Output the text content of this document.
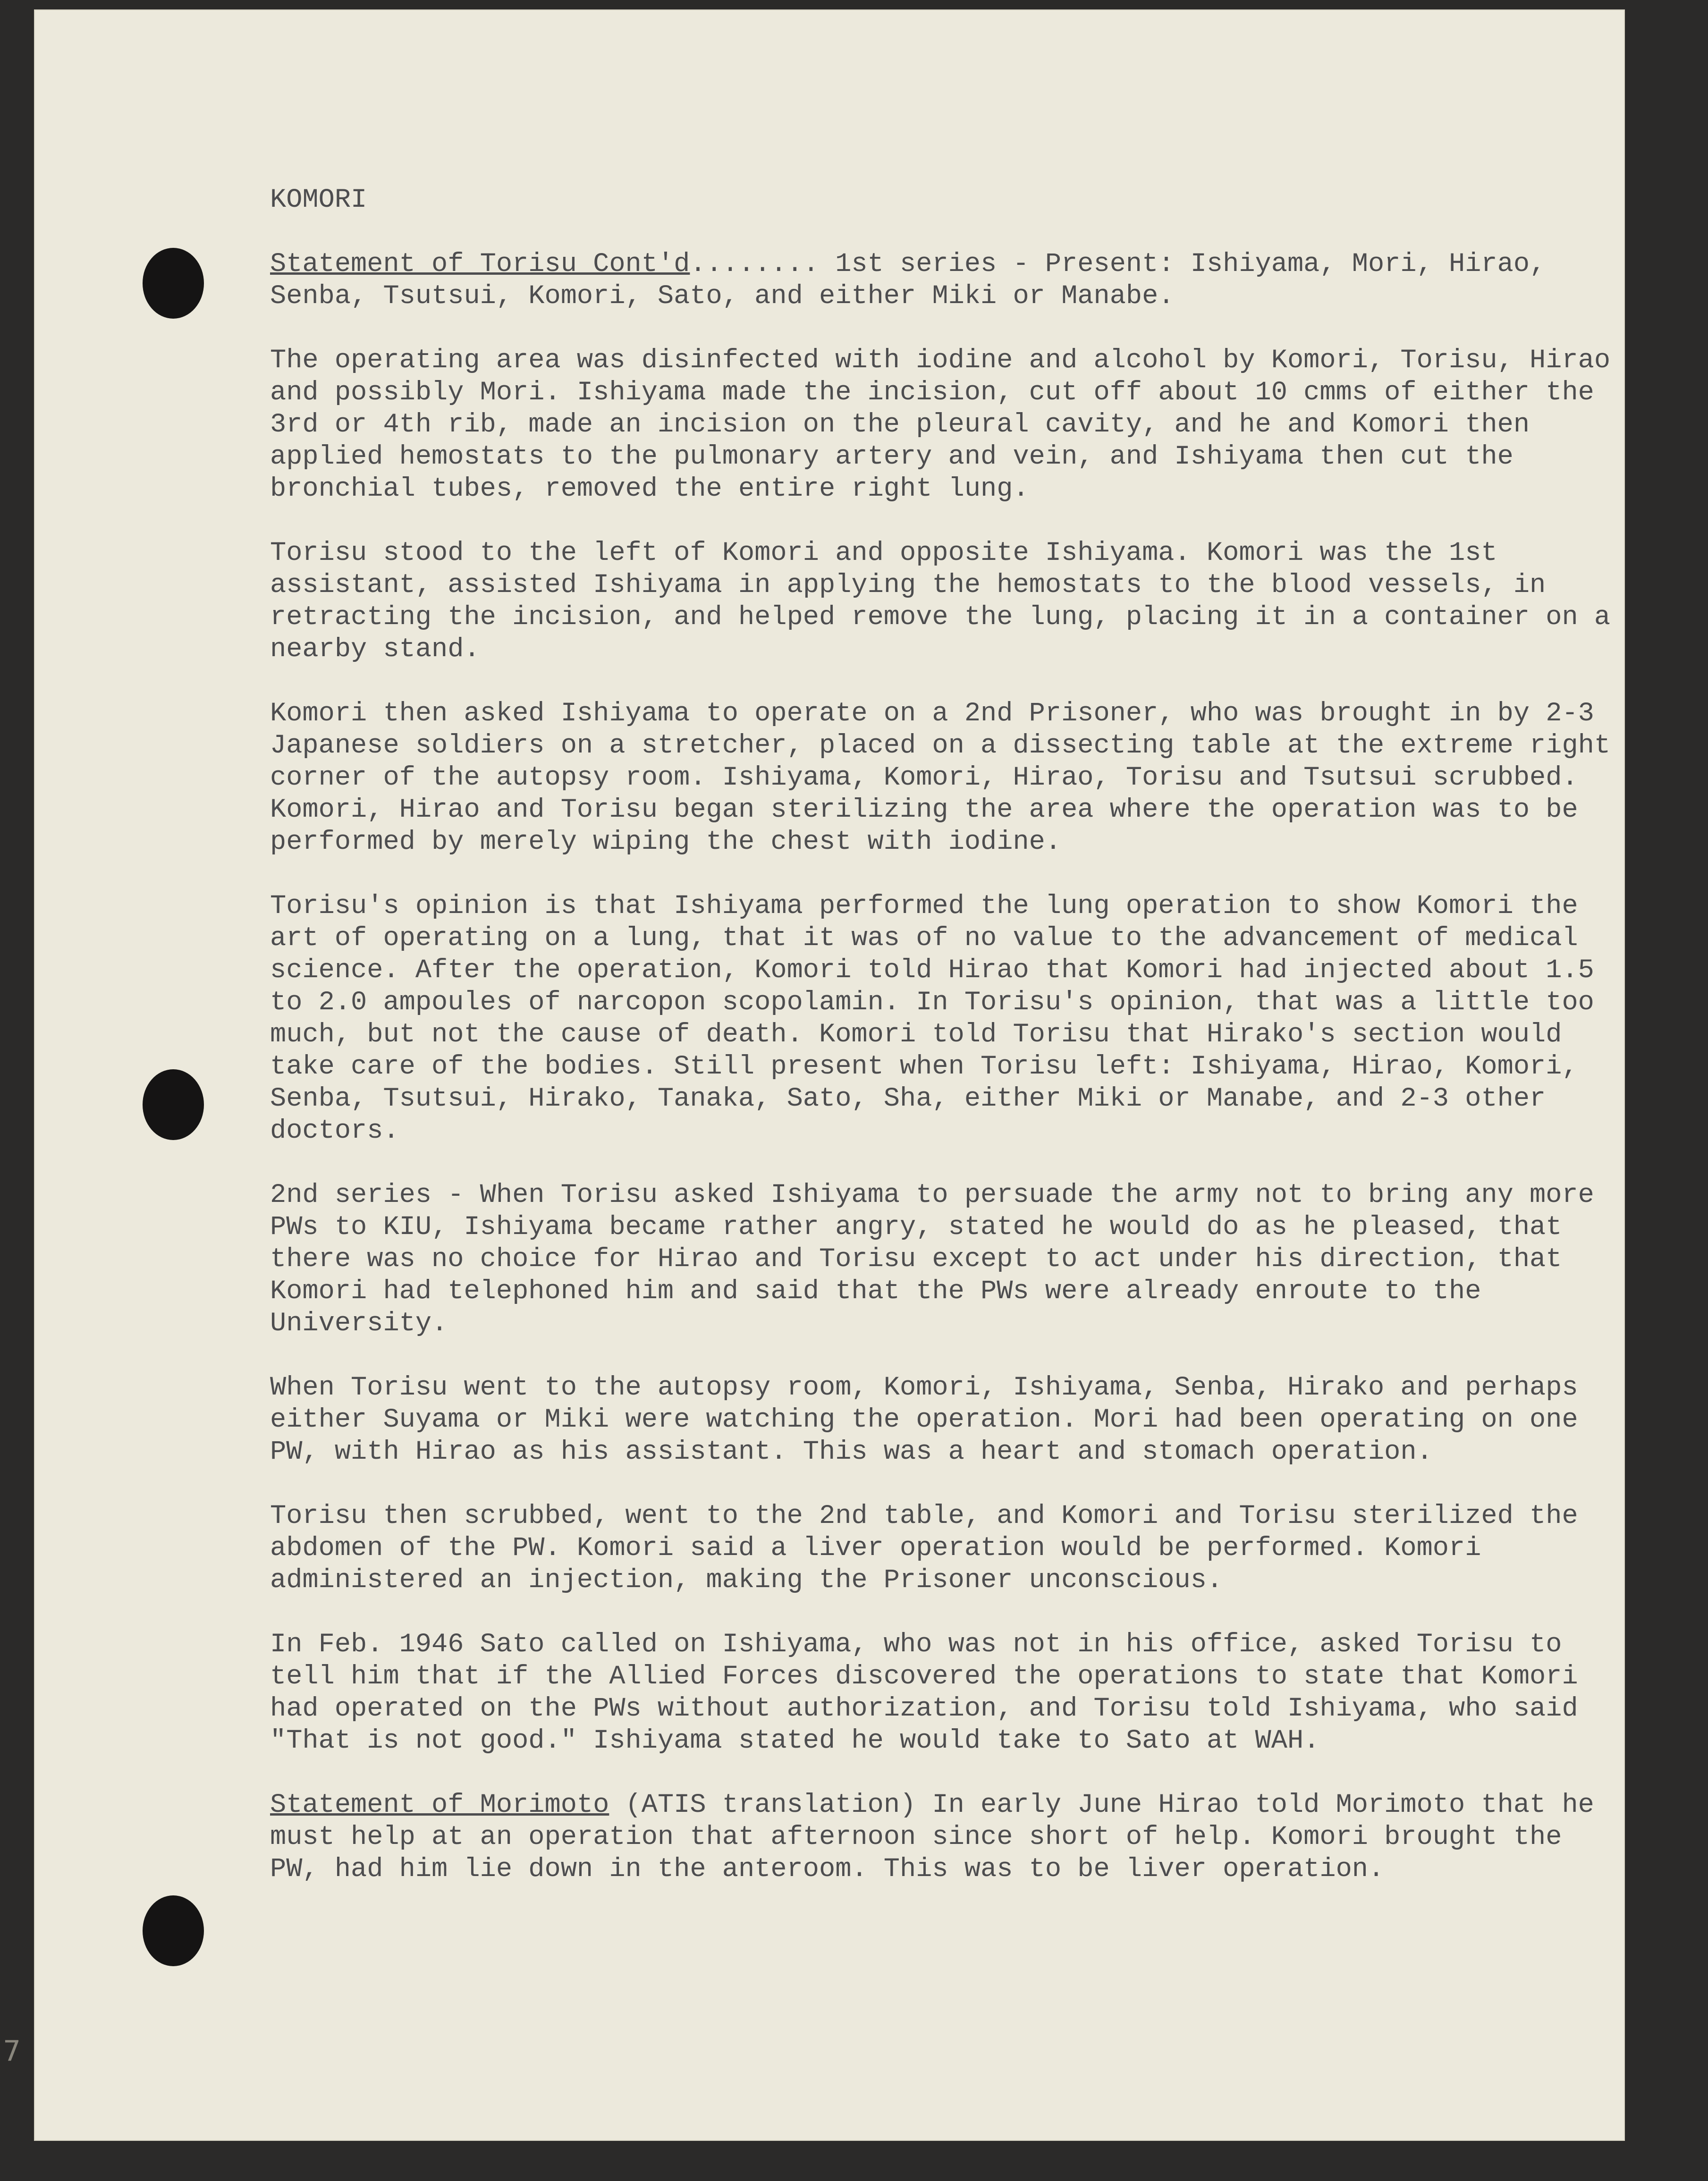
KOMORI

Statement of Torisu Cont'd........ 1st series - Present: Ishiyama, Mori, Hirao, Senba, Tsutsui, Komori, Sato, and either Miki or Manabe.

The operating area was disinfected with iodine and alcohol by Komori, Torisu, Hirao and possibly Mori. Ishiyama made the incision, cut off about 10 cmms of either the 3rd or 4th rib, made an incision on the pleural cavity, and he and Komori then applied hemostats to the pulmonary artery and vein, and Ishiyama then cut the bronchial tubes, removed the entire right lung.

Torisu stood to the left of Komori and opposite Ishiyama. Komori was the 1st assistant, assisted Ishiyama in applying the hemostats to the blood vessels, in retracting the incision, and helped remove the lung, placing it in a container on a nearby stand.

Komori then asked Ishiyama to operate on a 2nd Prisoner, who was brought in by 2-3 Japanese soldiers on a stretcher, placed on a dissecting table at the extreme right corner of the autopsy room. Ishiyama, Komori, Hirao, Torisu and Tsutsui scrubbed. Komori, Hirao and Torisu began sterilizing the area where the operation was to be performed by merely wiping the chest with iodine.

Torisu's opinion is that Ishiyama performed the lung operation to show Komori the art of operating on a lung, that it was of no value to the advancement of medical science. After the operation, Komori told Hirao that Komori had injected about 1.5 to 2.0 ampoules of narcopon scopolamin. In Torisu's opinion, that was a little too much, but not the cause of death. Komori told Torisu that Hirako's section would take care of the bodies. Still present when Torisu left: Ishiyama, Hirao, Komori, Senba, Tsutsui, Hirako, Tanaka, Sato, Sha, either Miki or Manabe, and 2-3 other doctors.

2nd series - When Torisu asked Ishiyama to persuade the army not to bring any more PWs to KIU, Ishiyama became rather angry, stated he would do as he pleased, that there was no choice for Hirao and Torisu except to act under his direction, that Komori had telephoned him and said that the PWs were already enroute to the University.

When Torisu went to the autopsy room, Komori, Ishiyama, Senba, Hirako and perhaps either Suyama or Miki were watching the operation. Mori had been operating on one PW, with Hirao as his assistant. This was a heart and stomach operation.

Torisu then scrubbed, went to the 2nd table, and Komori and Torisu sterilized the abdomen of the PW. Komori said a liver operation would be performed. Komori administered an injection, making the Prisoner unconscious.

In Feb. 1946 Sato called on Ishiyama, who was not in his office, asked Torisu to tell him that if the Allied Forces discovered the operations to state that Komori had operated on the PWs without authorization, and Torisu told Ishiyama, who said "That is not good." Ishiyama stated he would take to Sato at WAH.

Statement of Morimoto (ATIS translation) In early June Hirao told Morimoto that he must help at an operation that afternoon since short of help. Komori brought the PW, had him lie down in the anteroom. This was to be liver operation.

7
